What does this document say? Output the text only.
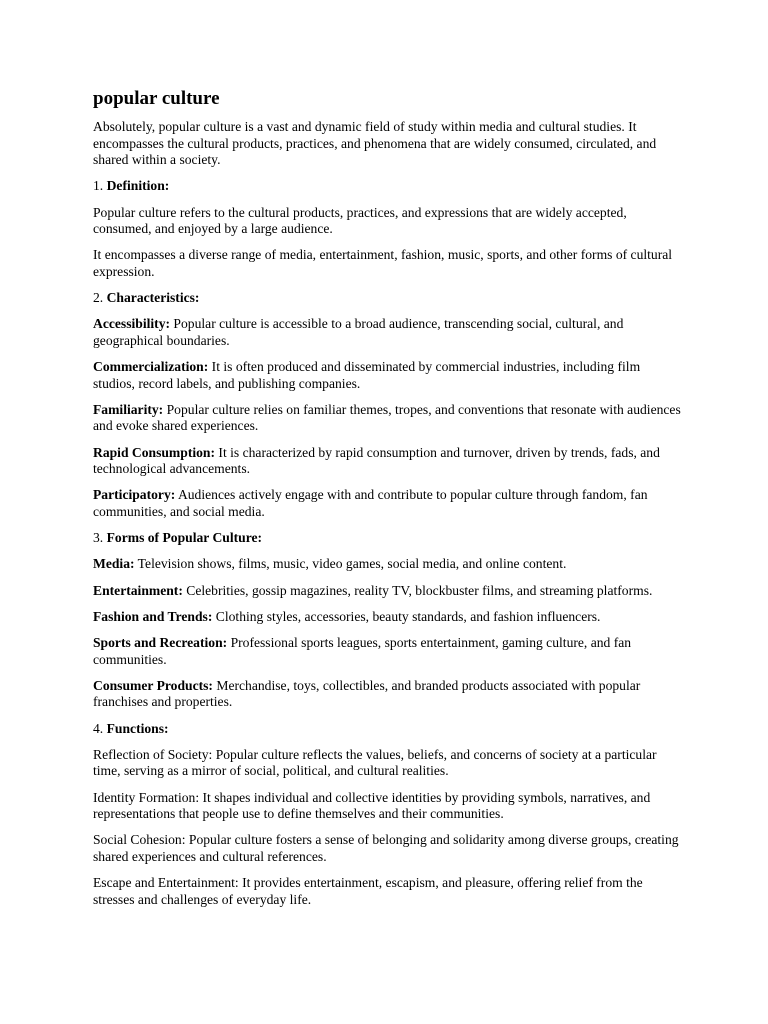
popular culture

Absolutely, popular culture is a vast and dynamic field of study within media and cultural studies. It encompasses the cultural products, practices, and phenomena that are widely consumed, circulated, and shared within a society.

1. Definition:

Popular culture refers to the cultural products, practices, and expressions that are widely accepted, consumed, and enjoyed by a large audience.

It encompasses a diverse range of media, entertainment, fashion, music, sports, and other forms of cultural expression.

2. Characteristics:

Accessibility: Popular culture is accessible to a broad audience, transcending social, cultural, and geographical boundaries.

Commercialization: It is often produced and disseminated by commercial industries, including film studios, record labels, and publishing companies.

Familiarity: Popular culture relies on familiar themes, tropes, and conventions that resonate with audiences and evoke shared experiences.

Rapid Consumption: It is characterized by rapid consumption and turnover, driven by trends, fads, and technological advancements.

Participatory: Audiences actively engage with and contribute to popular culture through fandom, fan communities, and social media.

3. Forms of Popular Culture:

Media: Television shows, films, music, video games, social media, and online content.

Entertainment: Celebrities, gossip magazines, reality TV, blockbuster films, and streaming platforms.

Fashion and Trends: Clothing styles, accessories, beauty standards, and fashion influencers.

Sports and Recreation: Professional sports leagues, sports entertainment, gaming culture, and fan communities.

Consumer Products: Merchandise, toys, collectibles, and branded products associated with popular franchises and properties.

4. Functions:

Reflection of Society: Popular culture reflects the values, beliefs, and concerns of society at a particular time, serving as a mirror of social, political, and cultural realities.

Identity Formation: It shapes individual and collective identities by providing symbols, narratives, and representations that people use to define themselves and their communities.

Social Cohesion: Popular culture fosters a sense of belonging and solidarity among diverse groups, creating shared experiences and cultural references.

Escape and Entertainment: It provides entertainment, escapism, and pleasure, offering relief from the stresses and challenges of everyday life.
